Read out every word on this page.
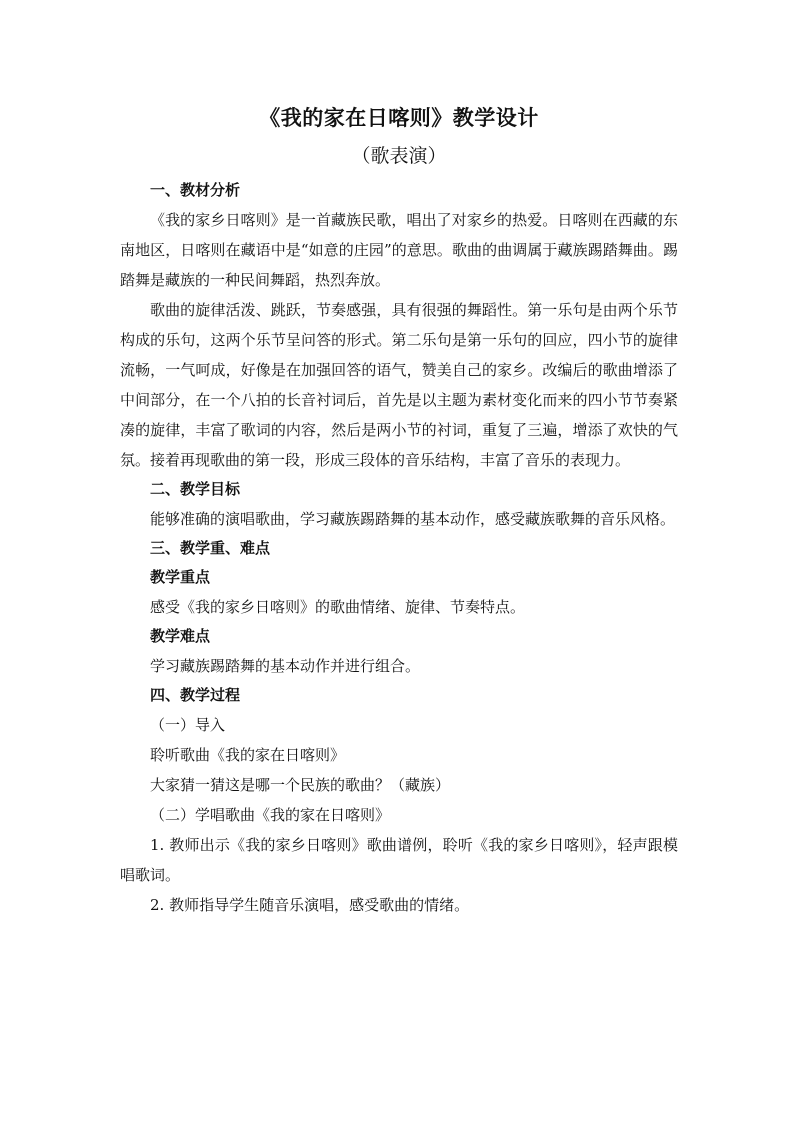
《我的家在日喀则》教学设计
（歌表演）
一、教材分析

《我的家乡日喀则》是一首藏族民歌，唱出了对家乡的热爱。日喀则在西藏的东南地区，日喀则在藏语中是“如意的庄园”的意思。歌曲的曲调属于藏族踢踏舞曲。踢踏舞是藏族的一种民间舞蹈，热烈奔放。

歌曲的旋律活泼、跳跃，节奏感强，具有很强的舞蹈性。第一乐句是由两个乐节构成的乐句，这两个乐节呈问答的形式。第二乐句是第一乐句的回应，四小节的旋律流畅，一气呵成，好像是在加强回答的语气，赞美自己的家乡。改编后的歌曲增添了中间部分，在一个八拍的长音衬词后，首先是以主题为素材变化而来的四小节节奏紧凑的旋律，丰富了歌词的内容，然后是两小节的衬词，重复了三遍，增添了欢快的气氛。接着再现歌曲的第一段，形成三段体的音乐结构，丰富了音乐的表现力。

二、教学目标

能够准确的演唱歌曲，学习藏族踢踏舞的基本动作，感受藏族歌舞的音乐风格。

三、教学重、难点
教学重点

感受《我的家乡日喀则》的歌曲情绪、旋律、节奏特点。

教学难点

学习藏族踢踏舞的基本动作并进行组合。

四、教学过程

（一）导入

聆听歌曲《我的家在日喀则》

大家猜一猜这是哪一个民族的歌曲？（藏族）

（二）学唱歌曲《我的家在日喀则》

1. 教师出示《我的家乡日喀则》歌曲谱例，聆听《我的家乡日喀则》，轻声跟模唱歌词。

2. 教师指导学生随音乐演唱，感受歌曲的情绪。
